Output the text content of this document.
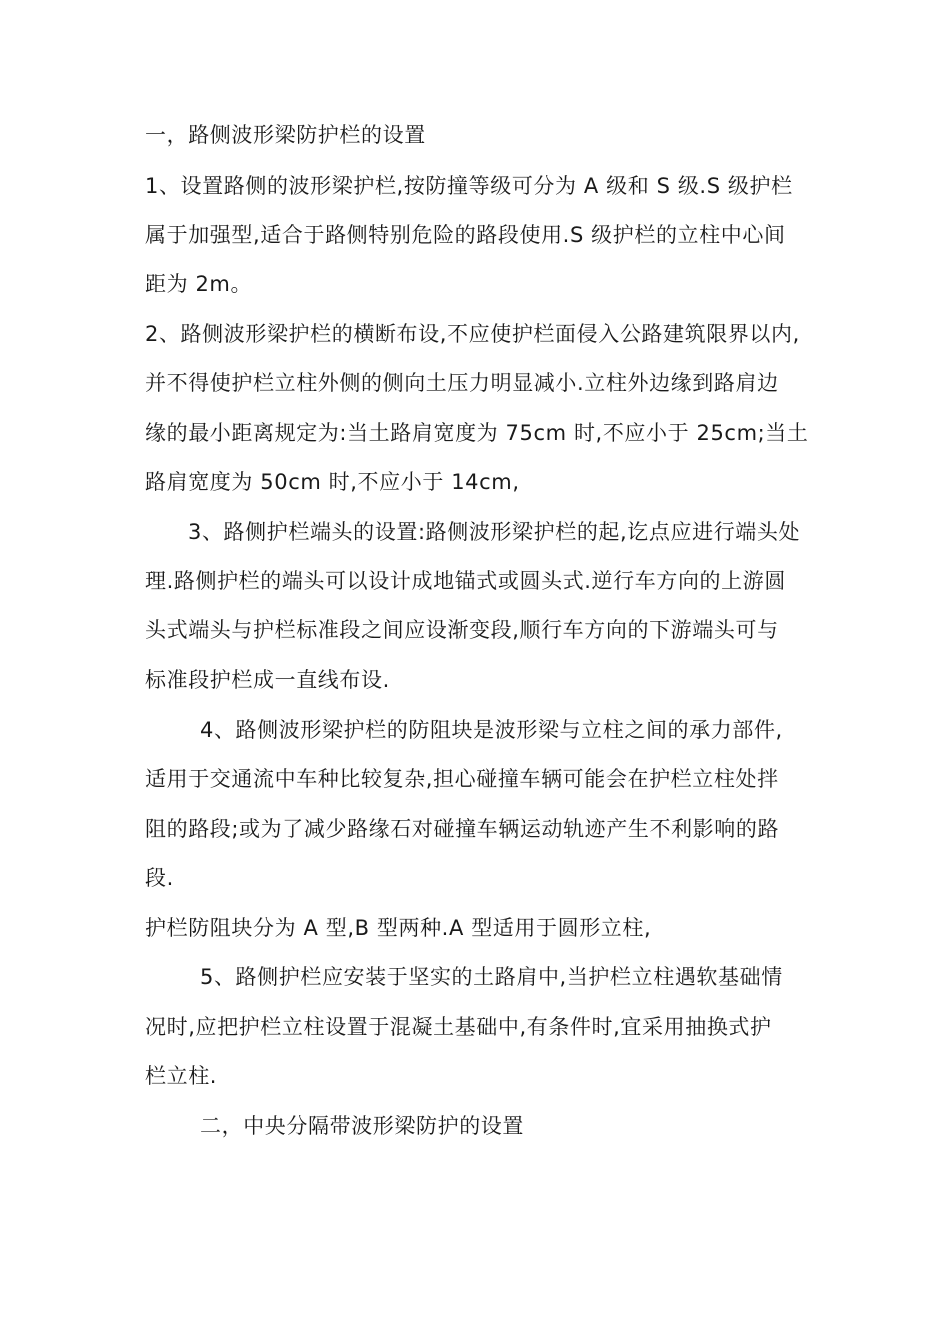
一，路侧波形梁防护栏的设置
1、设置路侧的波形梁护栏,按防撞等级可分为 A 级和 S 级.S 级护栏
属于加强型,适合于路侧特别危险的路段使用.S 级护栏的立柱中心间
距为 2m。
2、路侧波形梁护栏的横断布设,不应使护栏面侵入公路建筑限界以内,
并不得使护栏立柱外侧的侧向土压力明显减小.立柱外边缘到路肩边
缘的最小距离规定为:当土路肩宽度为 75cm 时,不应小于 25cm;当土
路肩宽度为 50cm 时,不应小于 14cm,
3、路侧护栏端头的设置:路侧波形梁护栏的起,讫点应进行端头处
理.路侧护栏的端头可以设计成地锚式或圆头式.逆行车方向的上游圆
头式端头与护栏标准段之间应设渐变段,顺行车方向的下游端头可与
标准段护栏成一直线布设.
4、路侧波形梁护栏的防阻块是波形梁与立柱之间的承力部件,
适用于交通流中车种比较复杂,担心碰撞车辆可能会在护栏立柱处拌
阻的路段;或为了减少路缘石对碰撞车辆运动轨迹产生不利影响的路
段.
护栏防阻块分为 A 型,B 型两种.A 型适用于圆形立柱,
5、路侧护栏应安装于坚实的土路肩中,当护栏立柱遇软基础情
况时,应把护栏立柱设置于混凝土基础中,有条件时,宜采用抽换式护
栏立柱.
二，中央分隔带波形梁防护的设置
